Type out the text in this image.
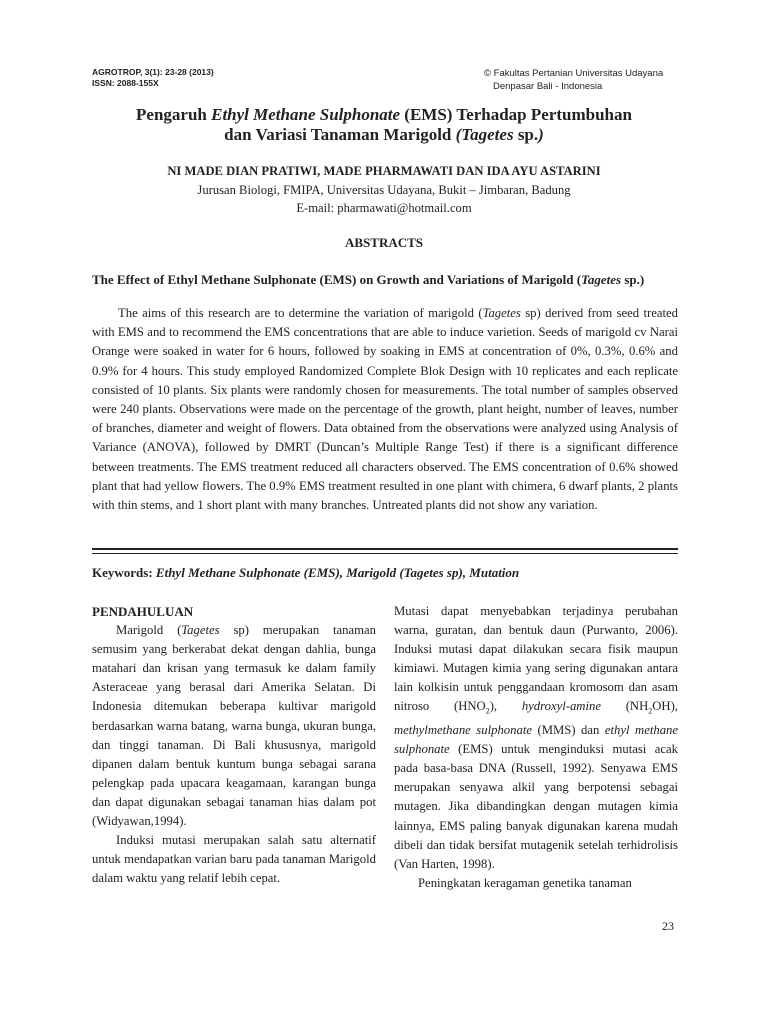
AGROTROP, 3(1): 23-28 (2013)
ISSN: 2088-155X
© Fakultas Pertanian Universitas Udayana
Denpasar Bali - Indonesia
Pengaruh Ethyl Methane Sulphonate (EMS) Terhadap Pertumbuhan
dan Variasi Tanaman Marigold (Tagetes sp.)
NI MADE DIAN PRATIWI, MADE PHARMAWATI DAN IDA AYU ASTARINI
Jurusan Biologi, FMIPA, Universitas Udayana, Bukit – Jimbaran, Badung
E-mail: pharmawati@hotmail.com
ABSTRACTS
The Effect of Ethyl Methane Sulphonate (EMS) on Growth and Variations of Marigold (Tagetes sp.)

The aims of this research are to determine the variation of marigold (Tagetes sp) derived from seed treated with EMS and to recommend the EMS concentrations that are able to induce varietion. Seeds of marigold cv Narai Orange were soaked in water for 6 hours, followed by soaking in EMS at concentration of 0%, 0.3%, 0.6% and 0.9% for 4 hours. This study employed Randomized Complete Blok Design with 10 replicates and each replicate consisted of 10 plants. Six plants were randomly chosen for measurements. The total number of samples observed were 240 plants. Observations were made on the percentage of the growth, plant height, number of leaves, number of branches, diameter and weight of flowers. Data obtained from the observations were analyzed using Analysis of Variance (ANOVA), followed by DMRT (Duncan’s Multiple Range Test) if there is a significant difference between treatments. The EMS treatment reduced all characters observed. The EMS concentration of 0.6% showed plant that had yellow flowers. The 0.9% EMS treatment resulted in one plant with chimera, 6 dwarf plants, 2 plants with thin stems, and 1 short plant with many branches. Untreated plants did not show any variation.

Keywords: Ethyl Methane Sulphonate (EMS), Marigold (Tagetes sp), Mutation

PENDAHULUAN

Marigold (Tagetes sp) merupakan tanaman semusim yang berkerabat dekat dengan dahlia, bunga matahari dan krisan yang termasuk ke dalam family Asteraceae yang berasal dari Amerika Selatan. Di Indonesia ditemukan beberapa kultivar marigold berdasarkan warna batang, warna bunga, ukuran bunga, dan tinggi tanaman. Di Bali khususnya, marigold dipanen dalam bentuk kuntum bunga sebagai sarana pelengkap pada upacara keagamaan, karangan bunga dan dapat digunakan sebagai tanaman hias dalam pot (Widyawan,1994).

Induksi mutasi merupakan salah satu alternatif untuk mendapatkan varian baru pada tanaman Marigold dalam waktu yang relatif lebih cepat.

Mutasi dapat menyebabkan terjadinya perubahan warna, guratan, dan bentuk daun (Purwanto, 2006). Induksi mutasi dapat dilakukan secara fisik maupun kimiawi. Mutagen kimia yang sering digunakan antara lain kolkisin untuk penggandaan kromosom dan asam nitroso $(HNO_2)$, hydroxyl-amine $(NH_2OH)$, methylmethane sulphonate (MMS) dan ethyl methane sulphonate (EMS) untuk menginduksi mutasi acak pada basa-basa DNA (Russell, 1992). Senyawa EMS merupakan senyawa alkil yang berpotensi sebagai mutagen. Jika dibandingkan dengan mutagen kimia lainnya, EMS paling banyak digunakan karena mudah dibeli dan tidak bersifat mutagenik setelah terhidrolisis (Van Harten, 1998).

Peningkatan keragaman genetika tanaman

23
